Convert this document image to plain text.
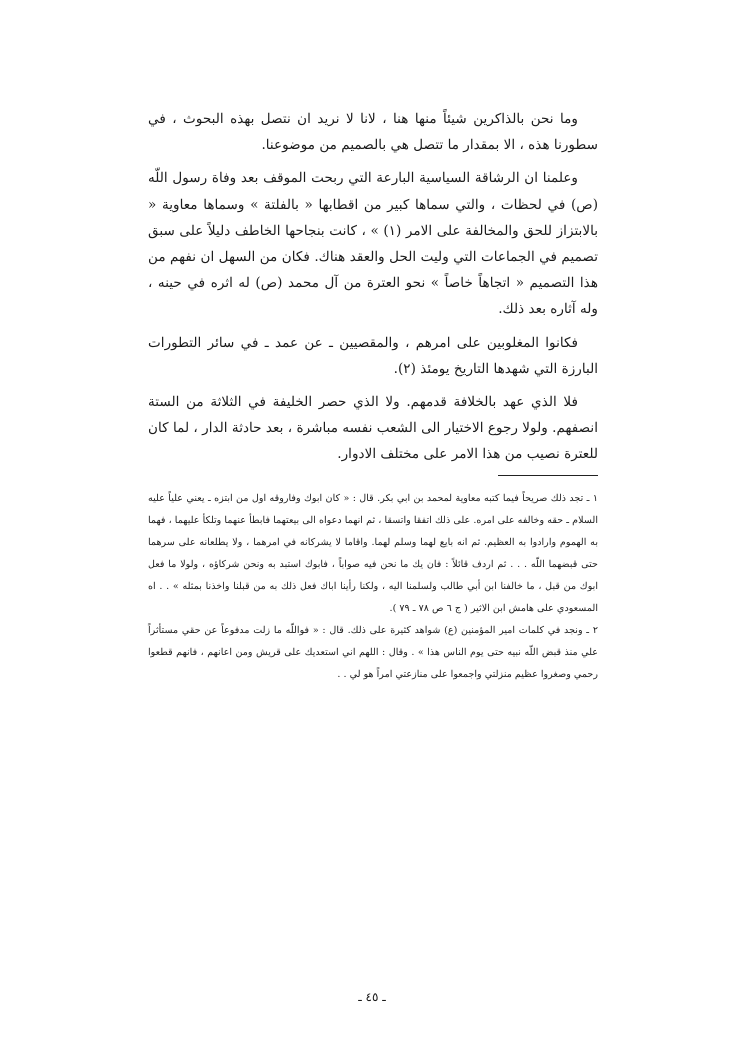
وما نحن بالذاكرين شيئاً منها هنا ، لانا لا نريد ان نتصل بهذه البحوث ، في سطورنا هذه ، الا بمقدار ما تتصل هي بالصميم من موضوعنا.

وعلمنا ان الرشاقة السياسية البارعة التي ربحت الموقف بعد وفاة رسول اللّه (ص) في لحظات ، والتي سماها كبير من اقطابها « بالفلتة » وسماها معاوية « بالابتزاز للحق والمخالفة على الامر (١) » ، كانت بنجاحها الخاطف دليلاً على سبق تصميم في الجماعات التي وليت الحل والعقد هناك. فكان من السهل ان نفهم من هذا التصميم « اتجاهاً خاصاً » نحو العترة من آل محمد (ص) له اثره في حينه ، وله آثاره بعد ذلك.

فكانوا المغلوبين على امرهم ، والمقصيين ـ عن عمد ـ في سائر التطورات البارزة التي شهدها التاريخ يومئذ (٢).

فلا الذي عهد بالخلافة قدمهم. ولا الذي حصر الخليفة في الثلاثة من الستة انصفهم. ولولا رجوع الاختيار الى الشعب نفسه مباشرة ، بعد حادثة الدار ، لما كان للعترة نصيب من هذا الامر على مختلف الادوار.

١ ـ تجد ذلك صريحاً فيما كتبه معاوية لمحمد بن ابي بكر. قال : « كان ابوك وفاروقه اول من ابتزه ـ يعني علياً عليه السلام ـ حقه وخالفه على امره. على ذلك اتفقا واتسقا ، ثم انهما دعواه الى بيعتهما فابطأ عنهما وتلكأ عليهما ، فهما به الهموم وارادوا به العظيم. ثم انه بايع لهما وسلم لهما. واقاما لا يشركانه في امرهما ، ولا يطلعانه على سرهما حتى قبضهما اللّه . . . ثم اردف قائلاً : فان يك ما نحن فيه صواباً ، فابوك استبد به ونحن شركاؤه ، ولولا ما فعل ابوك من قبل ، ما خالفنا ابن أبي طالب ولسلمنا اليه ، ولكنا رأينا اباك فعل ذلك به من قبلنا واخذنا بمثله » . . اه المسعودي على هامش ابن الاثير ( ج ٦ ص ٧٨ ـ ٧٩ ).

٢ ـ ونجد في كلمات امير المؤمنين (ع) شواهد كثيرة على ذلك. قال : « فواللّه ما زلت مدفوعاً عن حقي مستأثراً علي منذ قبض اللّه نبيه حتى يوم الناس هذا » . وقال : اللهم اني استعديك على قريش ومن اعانهم ، فانهم قطعوا رحمي وصغروا عظيم منزلتي واجمعوا على منازعتي امراً هو لي . .

ـ ٤٥ ـ
